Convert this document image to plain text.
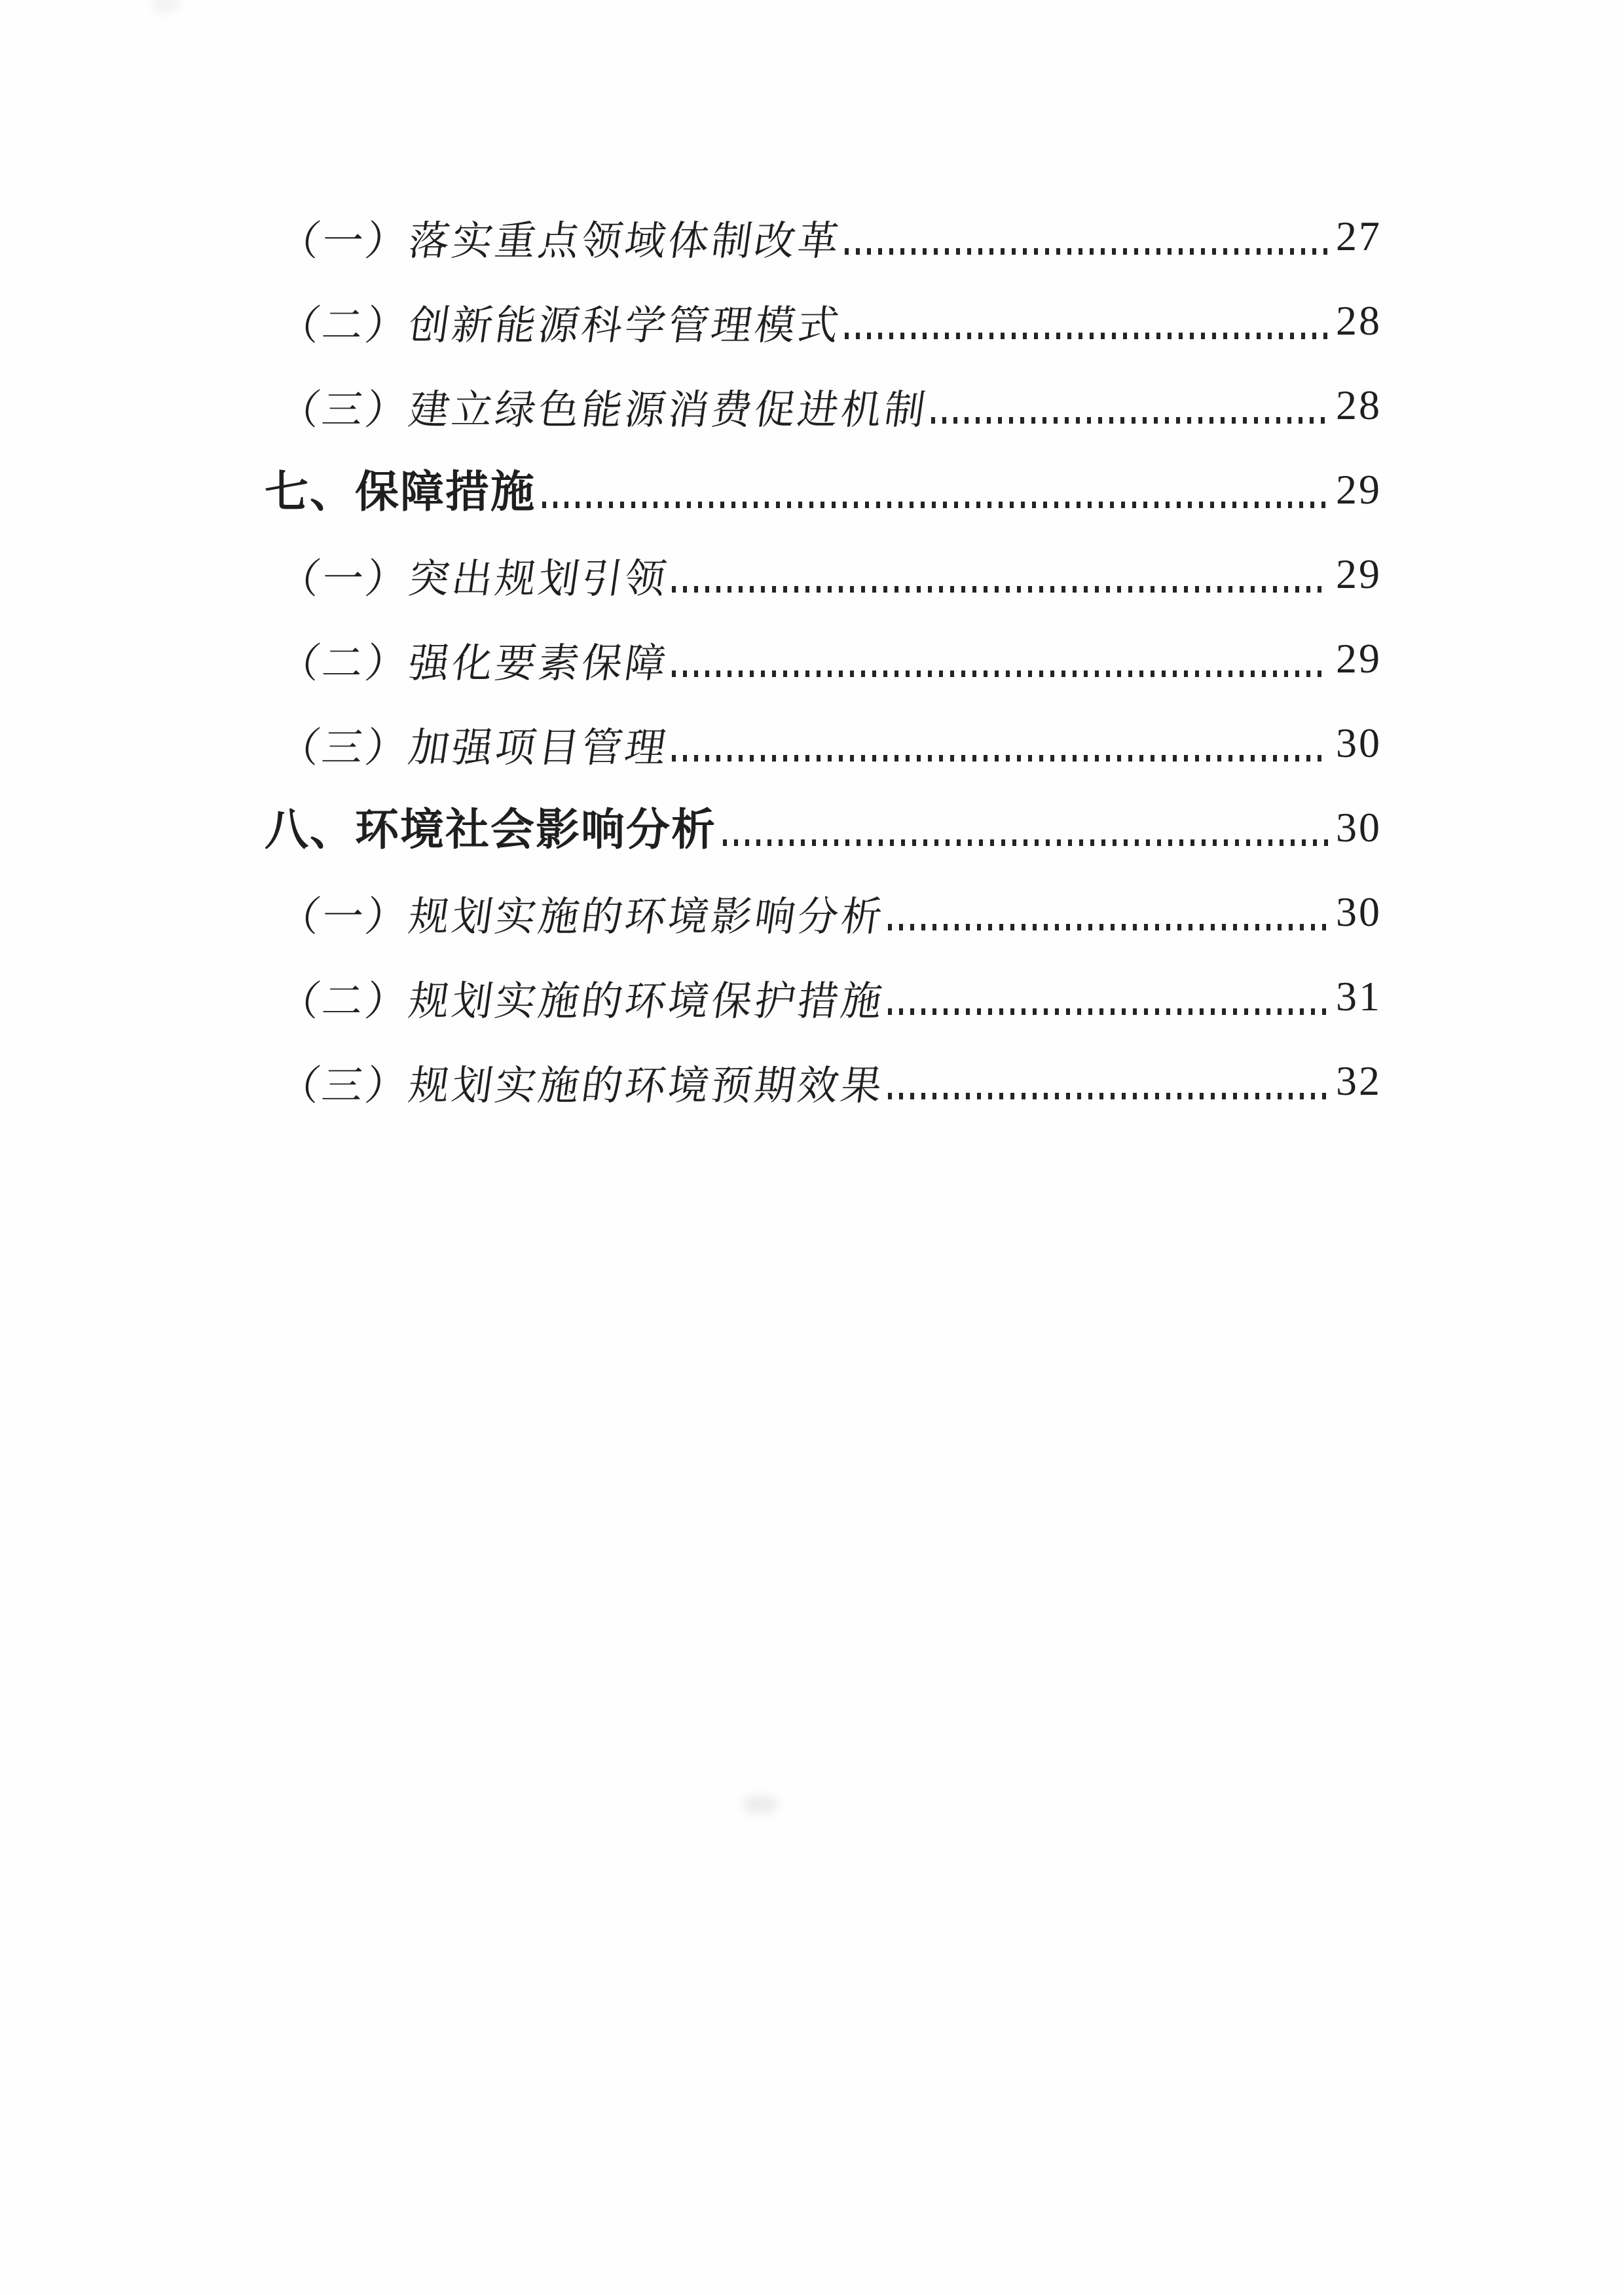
（一）落实重点领域体制改革	27
（二）创新能源科学管理模式	28
（三）建立绿色能源消费促进机制	28
七、保障措施	29
（一）突出规划引领	29
（二）强化要素保障	29
（三）加强项目管理	30
八、环境社会影响分析	30
（一）规划实施的环境影响分析	30
（二）规划实施的环境保护措施	31
（三）规划实施的环境预期效果	32
